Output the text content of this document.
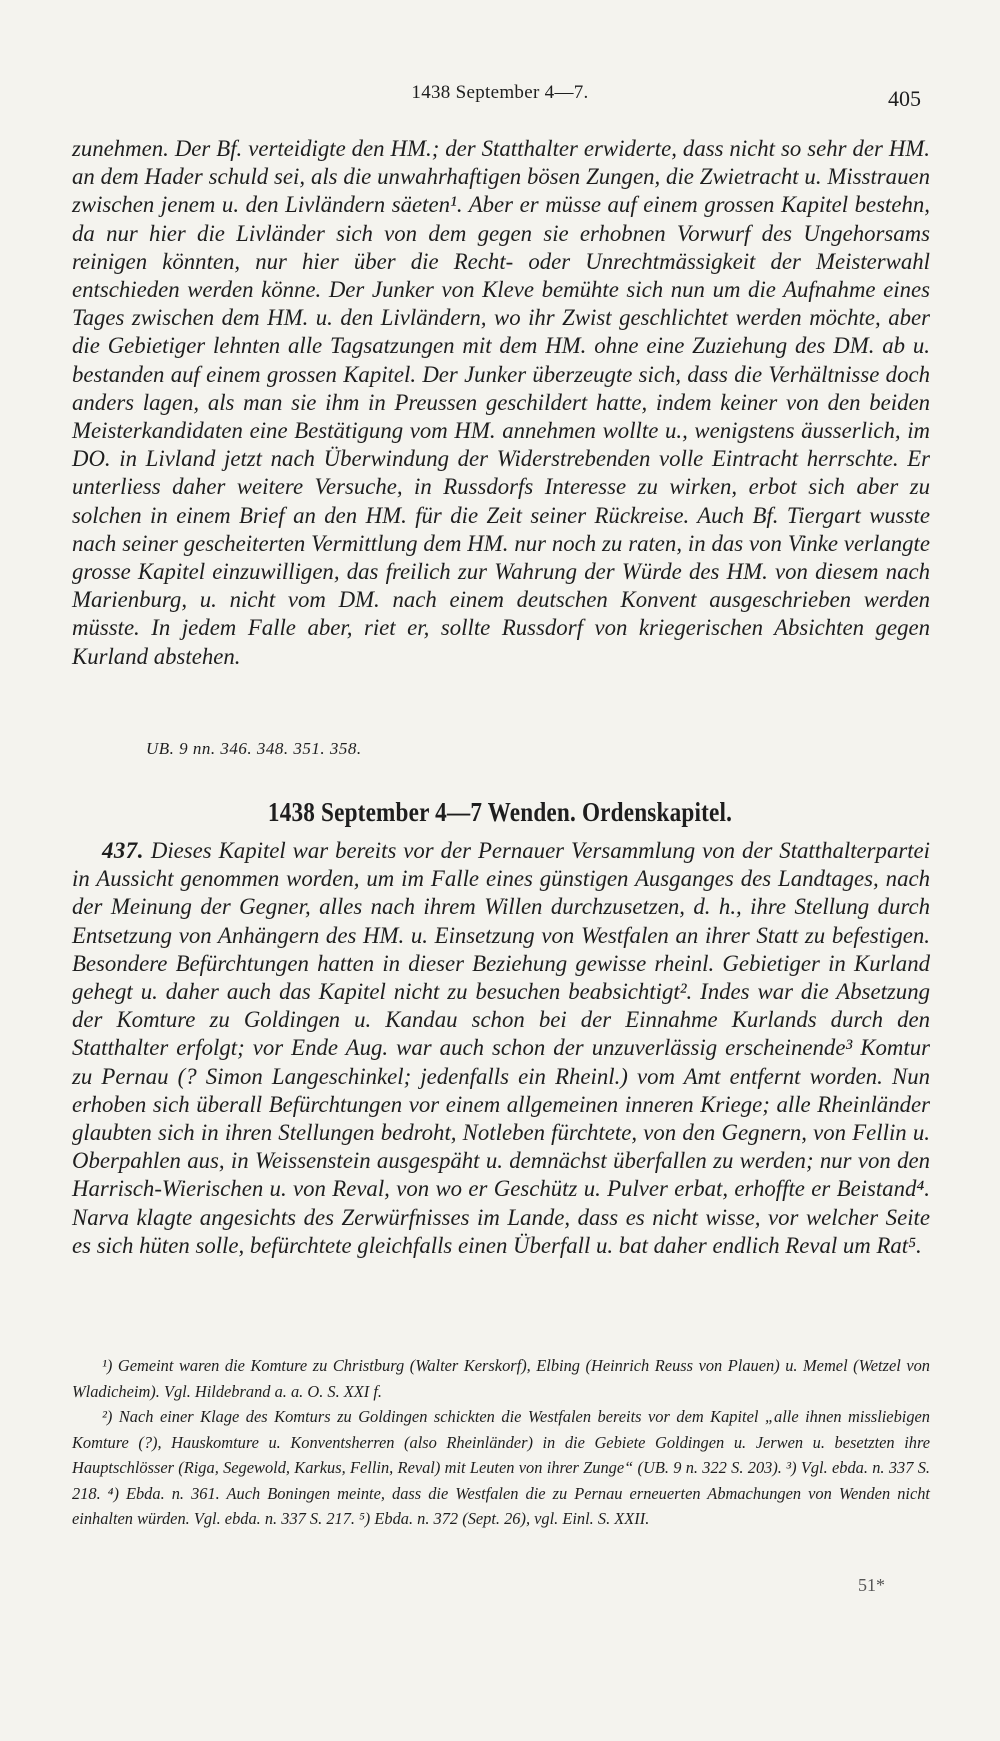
1438 September 4—7.	405
zunehmen. Der Bf. verteidigte den HM.; der Statthalter erwiderte, dass nicht so sehr der HM. an dem Hader schuld sei, als die unwahrhaftigen bösen Zungen, die Zwietracht u. Misstrauen zwischen jenem u. den Livländern säeten¹. Aber er müsse auf einem grossen Kapitel bestehn, da nur hier die Livländer sich von dem gegen sie erhobnen Vorwurf des Ungehorsams reinigen könnten, nur hier über die Recht- oder Unrechtmässigkeit der Meisterwahl entschieden werden könne. Der Junker von Kleve bemühte sich nun um die Aufnahme eines Tages zwischen dem HM. u. den Livländern, wo ihr Zwist geschlichtet werden möchte, aber die Gebietiger lehnten alle Tagsatzungen mit dem HM. ohne eine Zuziehung des DM. ab u. bestanden auf einem grossen Kapitel. Der Junker überzeugte sich, dass die Verhältnisse doch anders lagen, als man sie ihm in Preussen geschildert hatte, indem keiner von den beiden Meisterkandidaten eine Bestätigung vom HM. annehmen wollte u., wenigstens äusserlich, im DO. in Livland jetzt nach Überwindung der Widerstrebenden volle Eintracht herrschte. Er unterliess daher weitere Versuche, in Russdorfs Interesse zu wirken, erbot sich aber zu solchen in einem Brief an den HM. für die Zeit seiner Rückreise. Auch Bf. Tiergart wusste nach seiner gescheiterten Vermittlung dem HM. nur noch zu raten, in das von Vinke verlangte grosse Kapitel einzuwilligen, das freilich zur Wahrung der Würde des HM. von diesem nach Marienburg, u. nicht vom DM. nach einem deutschen Konvent ausgeschrieben werden müsste. In jedem Falle aber, riet er, sollte Russdorf von kriegerischen Absichten gegen Kurland abstehen.
UB. 9 nn. 346. 348. 351. 358.
1438 September 4—7 Wenden. Ordenskapitel.
437. Dieses Kapitel war bereits vor der Pernauer Versammlung von der Statthalterpartei in Aussicht genommen worden, um im Falle eines günstigen Ausganges des Landtages, nach der Meinung der Gegner, alles nach ihrem Willen durchzusetzen, d. h., ihre Stellung durch Entsetzung von Anhängern des HM. u. Einsetzung von Westfalen an ihrer Statt zu befestigen. Besondere Befürchtungen hatten in dieser Beziehung gewisse rheinl. Gebietiger in Kurland gehegt u. daher auch das Kapitel nicht zu besuchen beabsichtigt². Indes war die Absetzung der Komture zu Goldingen u. Kandau schon bei der Einnahme Kurlands durch den Statthalter erfolgt; vor Ende Aug. war auch schon der unzuverlässig erscheinende³ Komtur zu Pernau (? Simon Langeschinkel; jedenfalls ein Rheinl.) vom Amt entfernt worden. Nun erhoben sich überall Befürchtungen vor einem allgemeinen inneren Kriege; alle Rheinländer glaubten sich in ihren Stellungen bedroht, Notleben fürchtete, von den Gegnern, von Fellin u. Oberpahlen aus, in Weissenstein ausgespäht u. demnächst überfallen zu werden; nur von den Harrisch-Wierischen u. von Reval, von wo er Geschütz u. Pulver erbat, erhoffte er Beistand⁴. Narva klagte angesichts des Zerwürfnisses im Lande, dass es nicht wisse, vor welcher Seite es sich hüten solle, befürchtete gleichfalls einen Überfall u. bat daher endlich Reval um Rat⁵.

¹) Gemeint waren die Komture zu Christburg (Walter Kerskorf), Elbing (Heinrich Reuss von Plauen) u. Memel (Wetzel von Wladicheim). Vgl. Hildebrand a. a. O. S. XXI f.

²) Nach einer Klage des Komturs zu Goldingen schickten die Westfalen bereits vor dem Kapitel „alle ihnen missliebigen Komture (?), Hauskomture u. Konventsherren (also Rheinländer) in die Gebiete Goldingen u. Jerwen u. besetzten ihre Hauptschlösser (Riga, Segewold, Karkus, Fellin, Reval) mit Leuten von ihrer Zunge“ (UB. 9 n. 322 S. 203). ³) Vgl. ebda. n. 337 S. 218. ⁴) Ebda. n. 361. Auch Boningen meinte, dass die Westfalen die zu Pernau erneuerten Abmachungen von Wenden nicht einhalten würden. Vgl. ebda. n. 337 S. 217. ⁵) Ebda. n. 372 (Sept. 26), vgl. Einl. S. XXII.

51*
